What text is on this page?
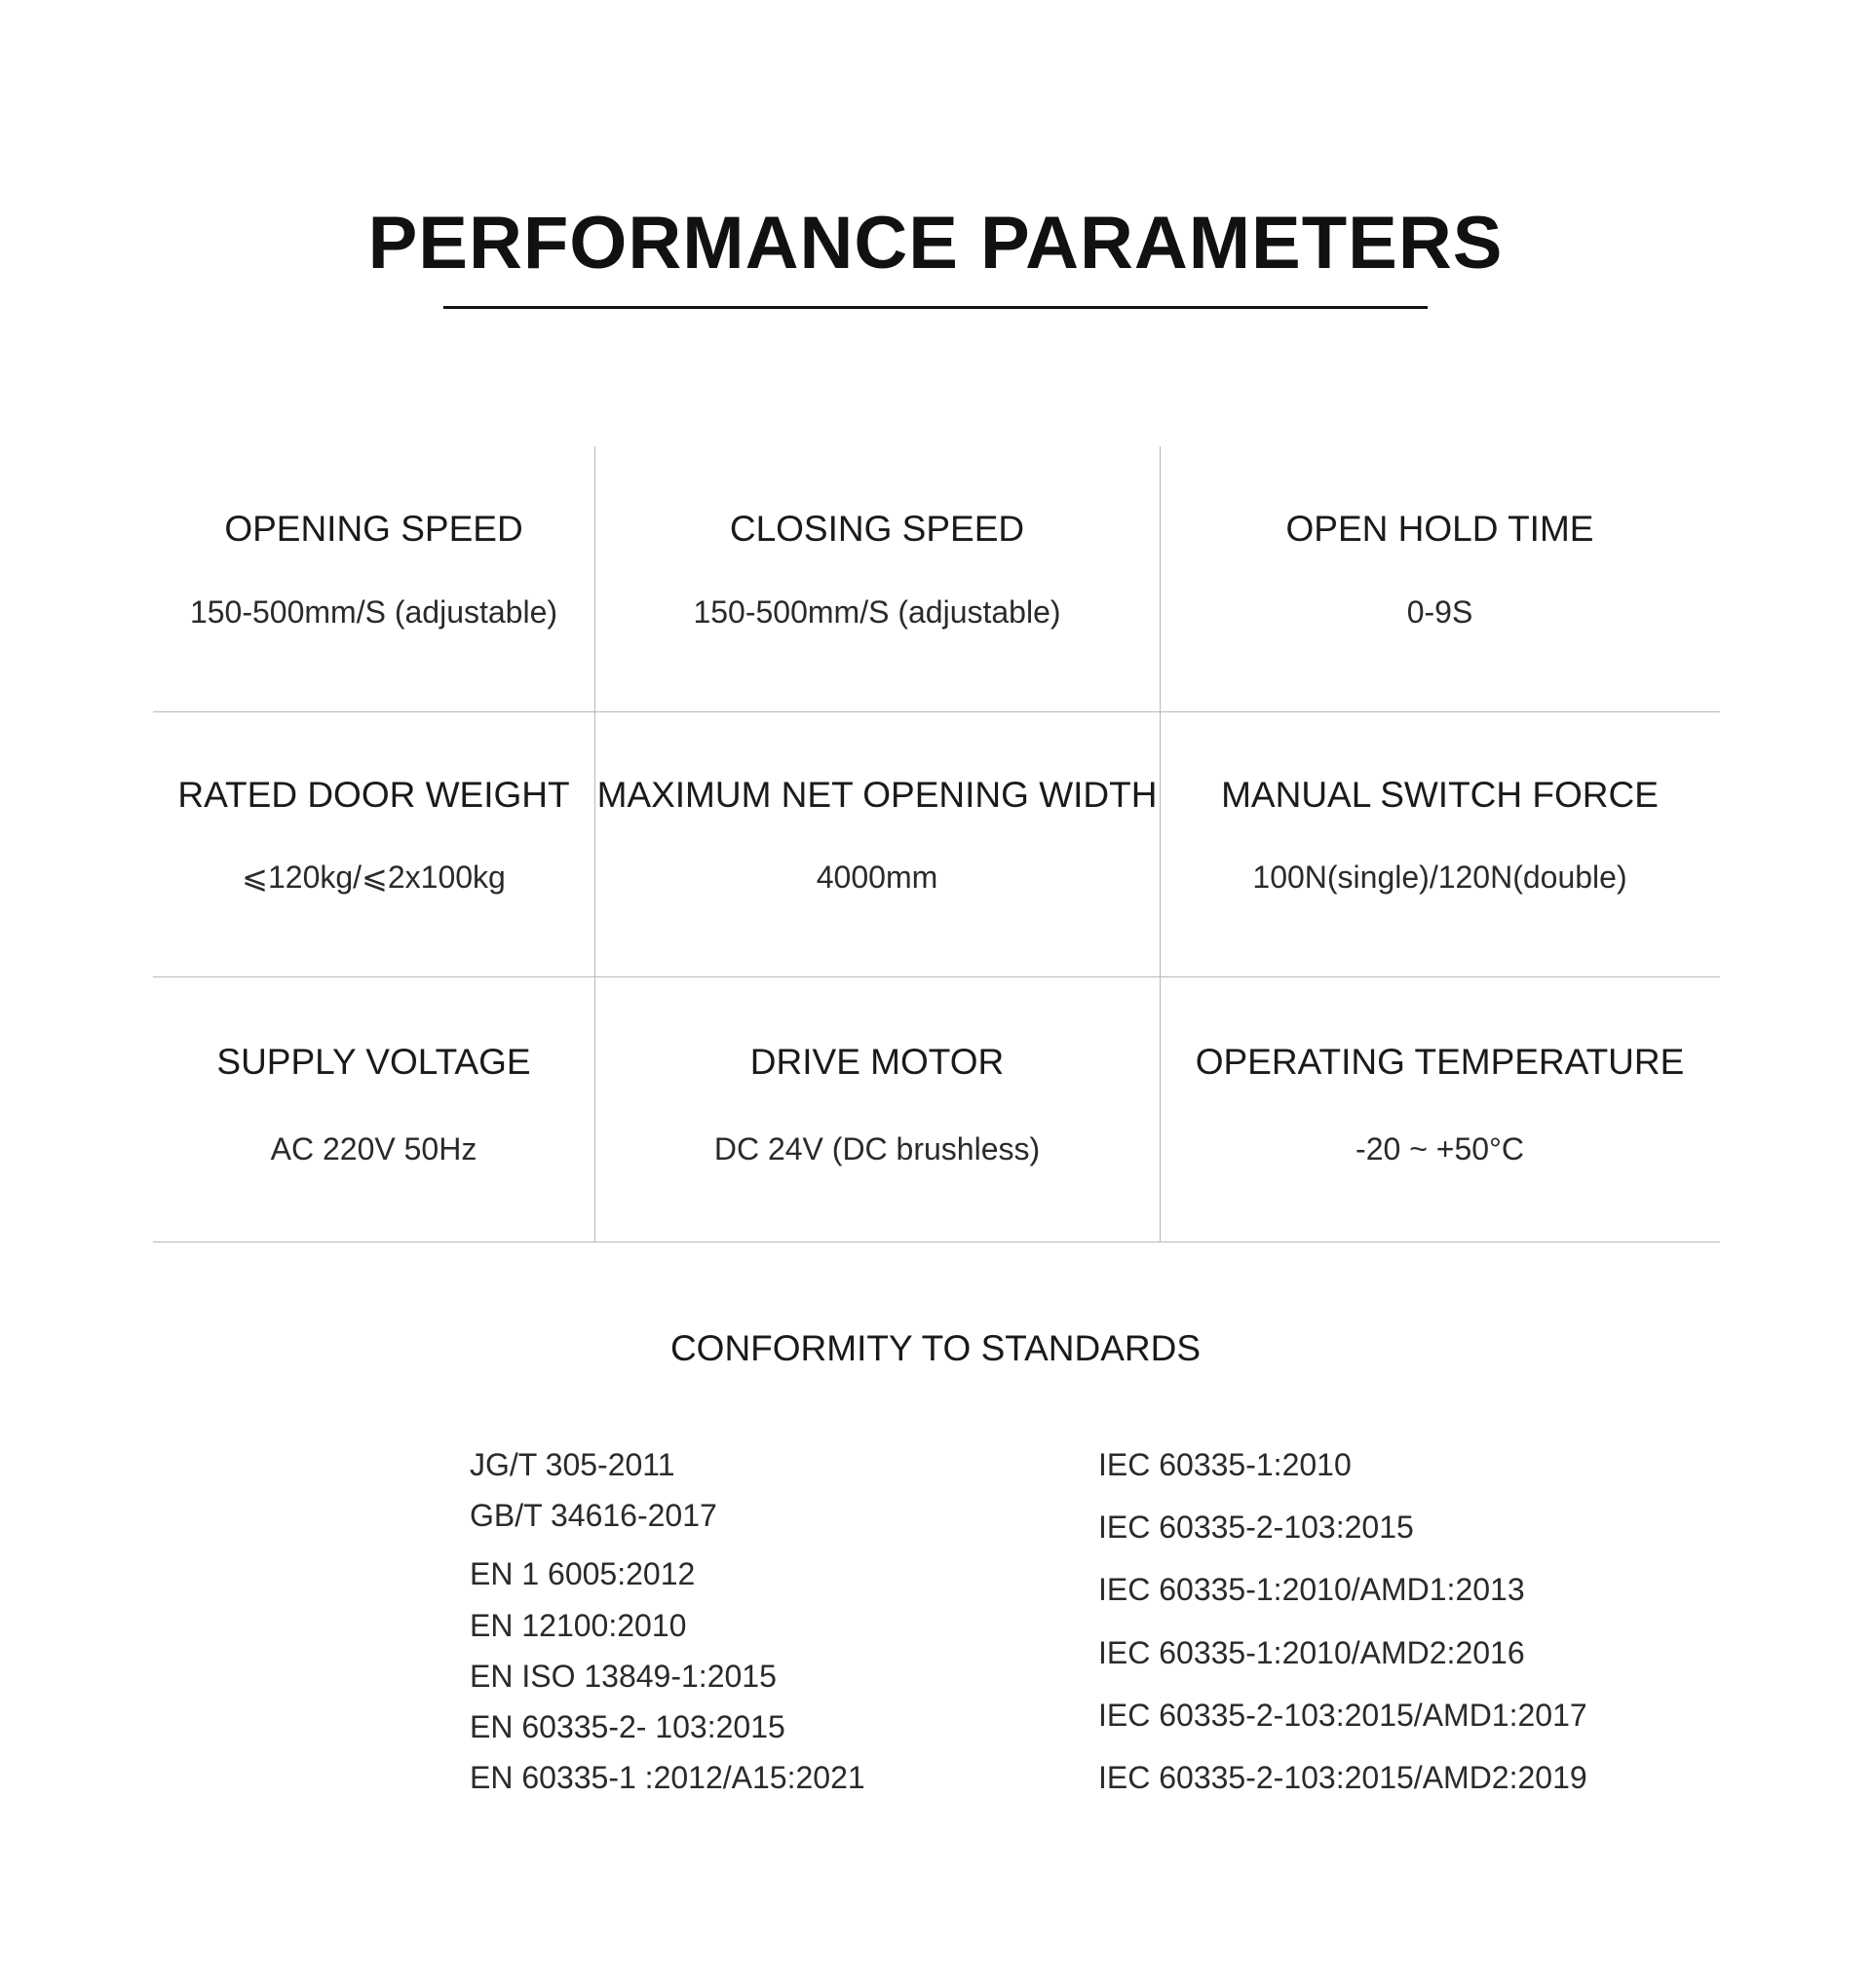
PERFORMANCE PARAMETERS
OPENING SPEED
150-500mm/S (adjustable)
CLOSING SPEED
150-500mm/S (adjustable)
OPEN HOLD TIME
0-9S
RATED DOOR WEIGHT
⩽120kg/⩽2x100kg
MAXIMUM NET OPENING WIDTH
4000mm
MANUAL SWITCH FORCE
100N(single)/120N(double)
SUPPLY VOLTAGE
AC 220V 50Hz
DRIVE MOTOR
DC 24V (DC brushless)
OPERATING TEMPERATURE
-20 ~ +50°C
CONFORMITY TO STANDARDS
JG/T 305-2011
GB/T 34616-2017
EN 1 6005:2012
EN 12100:2010
EN ISO 13849-1:2015
EN 60335-2- 103:2015
EN 60335-1 :2012/A15:2021
IEC 60335-1:2010
IEC 60335-2-103:2015
IEC 60335-1:2010/AMD1:2013
IEC 60335-1:2010/AMD2:2016
IEC 60335-2-103:2015/AMD1:2017
IEC 60335-2-103:2015/AMD2:2019
